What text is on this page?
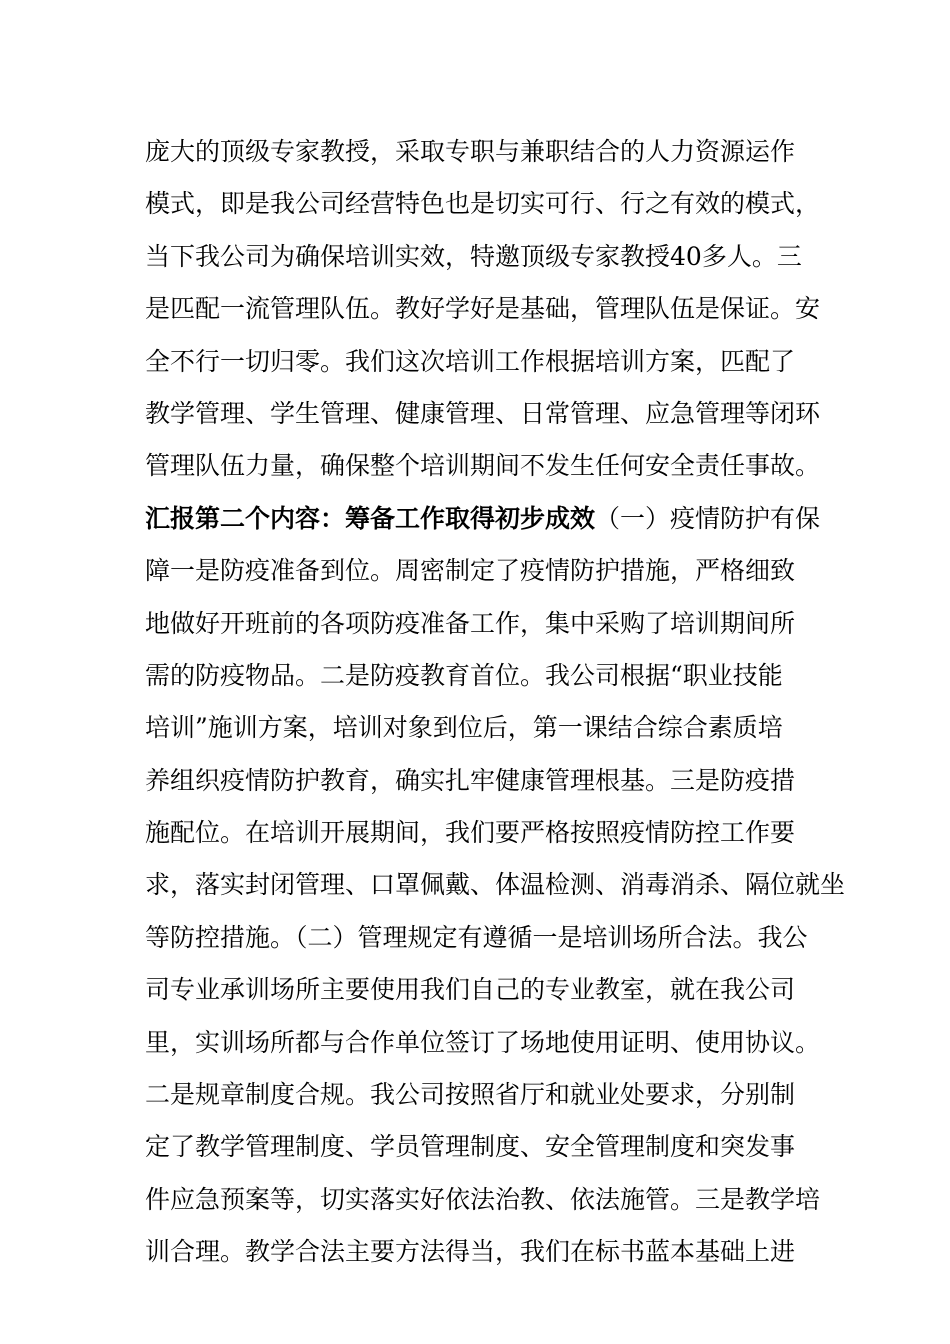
庞大的顶级专家教授，采取专职与兼职结合的人力资源运作
模式，即是我公司经营特色也是切实可行、行之有效的模式，
当下我公司为确保培训实效，特邀顶级专家教授40多人。三
是匹配一流管理队伍。教好学好是基础，管理队伍是保证。安
全不行一切归零。我们这次培训工作根据培训方案，匹配了
教学管理、学生管理、健康管理、日常管理、应急管理等闭环
管理队伍力量，确保整个培训期间不发生任何安全责任事故。
汇报第二个内容：筹备工作取得初步成效（一）疫情防护有保
障一是防疫准备到位。周密制定了疫情防护措施，严格细致
地做好开班前的各项防疫准备工作，集中采购了培训期间所
需的防疫物品。二是防疫教育首位。我公司根据“职业技能
培训”施训方案，培训对象到位后，第一课结合综合素质培
养组织疫情防护教育，确实扎牢健康管理根基。三是防疫措
施配位。在培训开展期间，我们要严格按照疫情防控工作要
求，落实封闭管理、口罩佩戴、体温检测、消毒消杀、隔位就坐
等防控措施。（二）管理规定有遵循一是培训场所合法。我公
司专业承训场所主要使用我们自己的专业教室，就在我公司
里，实训场所都与合作单位签订了场地使用证明、使用协议。
二是规章制度合规。我公司按照省厅和就业处要求，分别制
定了教学管理制度、学员管理制度、安全管理制度和突发事
件应急预案等，切实落实好依法治教、依法施管。三是教学培
训合理。教学合法主要方法得当，我们在标书蓝本基础上进
